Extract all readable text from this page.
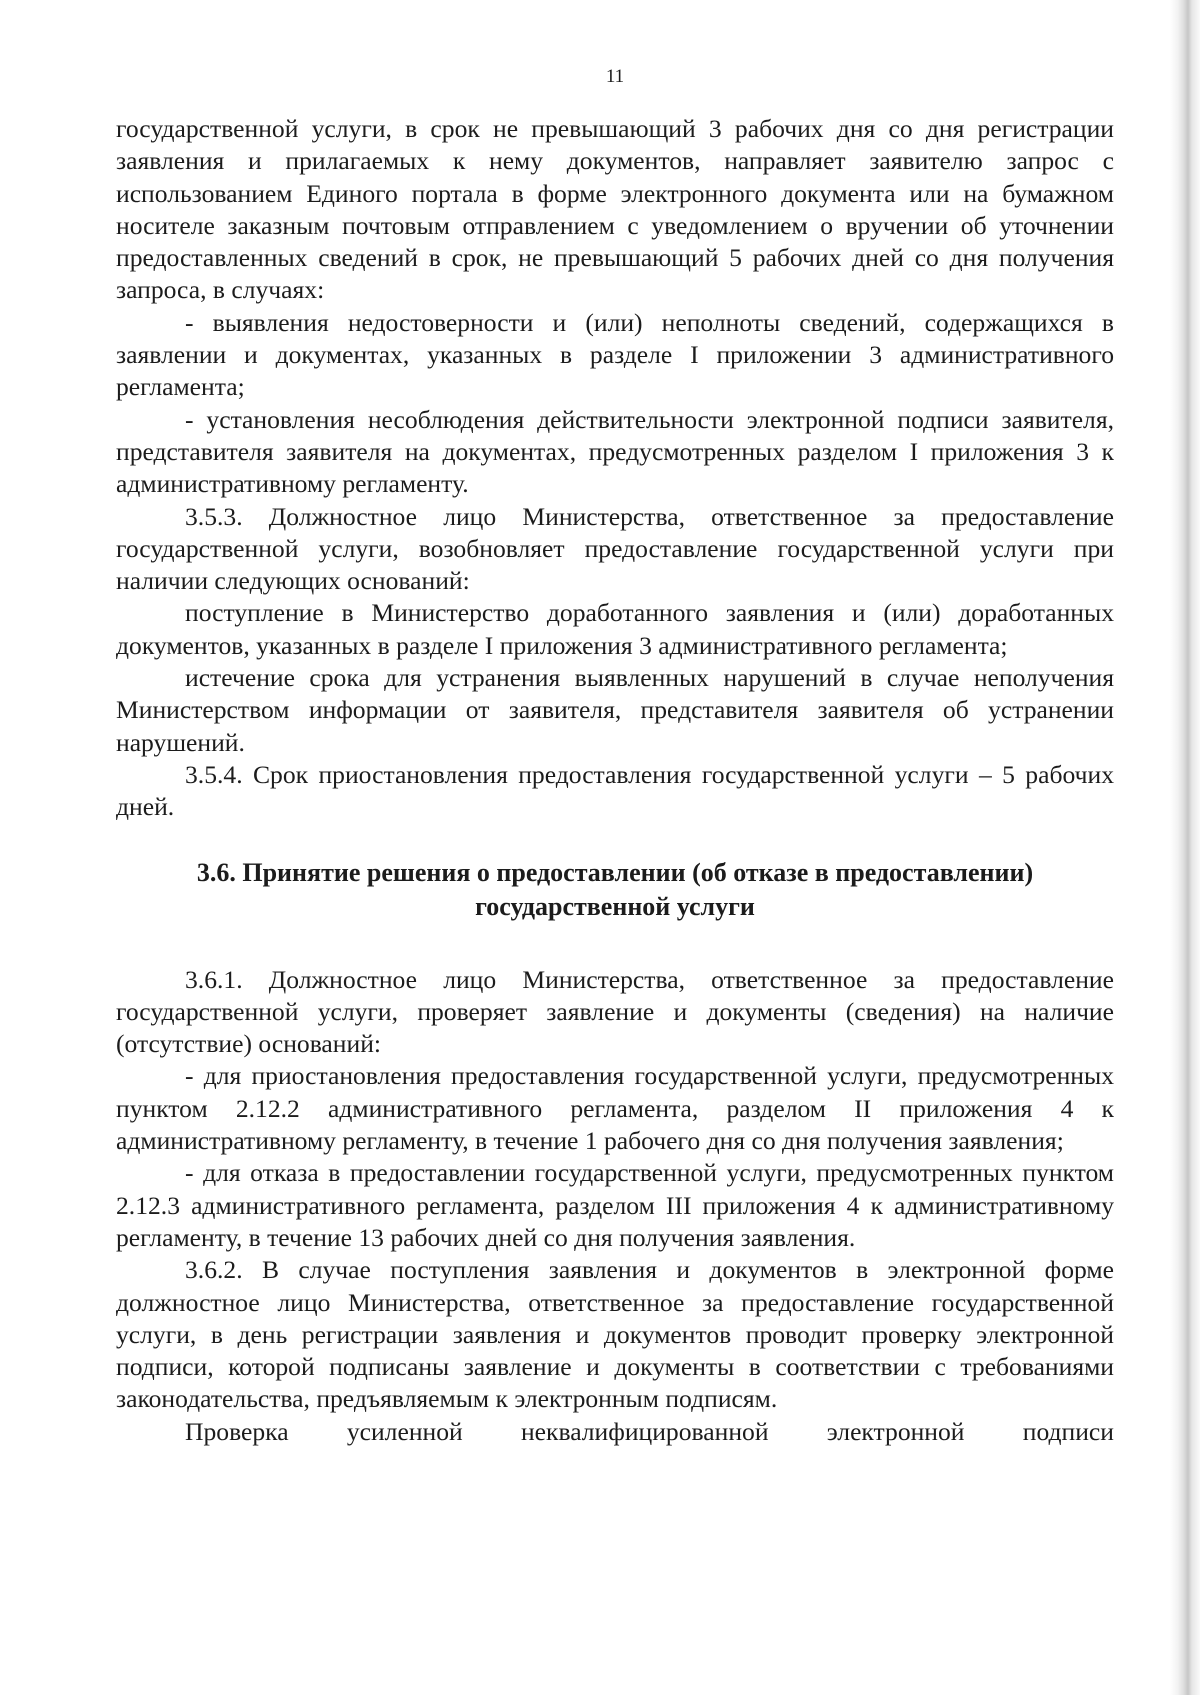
11

государственной услуги, в срок не превышающий 3 рабочих дня со дня регистрации заявления и прилагаемых к нему документов, направляет заявителю запрос с использованием Единого портала в форме электронного документа или на бумажном носителе заказным почтовым отправлением с уведомлением о вручении об уточнении предоставленных сведений в срок, не превышающий 5 рабочих дней со дня получения запроса, в случаях:

- выявления недостоверности и (или) неполноты сведений, содержащихся в заявлении и документах, указанных в разделе I приложении 3 административного регламента;

- установления несоблюдения действительности электронной подписи заявителя, представителя заявителя на документах, предусмотренных разделом I приложения 3 к административному регламенту.

3.5.3. Должностное лицо Министерства, ответственное за предоставление государственной услуги, возобновляет предоставление государственной услуги при наличии следующих оснований:

поступление в Министерство доработанного заявления и (или) доработанных документов, указанных в разделе I приложения 3 административного регламента;

истечение срока для устранения выявленных нарушений в случае неполучения Министерством информации от заявителя, представителя заявителя об устранении нарушений.

3.5.4. Срок приостановления предоставления государственной услуги – 5 рабочих дней.

3.6. Принятие решения о предоставлении (об отказе в предоставлении)
государственной услуги

3.6.1. Должностное лицо Министерства, ответственное за предоставление государственной услуги, проверяет заявление и документы (сведения) на наличие (отсутствие) оснований:

- для приостановления предоставления государственной услуги, предусмотренных пунктом 2.12.2 административного регламента, разделом II приложения 4 к административному регламенту, в течение 1 рабочего дня со дня получения заявления;

- для отказа в предоставлении государственной услуги, предусмотренных пунктом 2.12.3 административного регламента, разделом III приложения 4 к административному регламенту, в течение 13 рабочих дней со дня получения заявления.

3.6.2. В случае поступления заявления и документов в электронной форме должностное лицо Министерства, ответственное за предоставление государственной услуги, в день регистрации заявления и документов проводит проверку электронной подписи, которой подписаны заявление и документы в соответствии с требованиями законодательства, предъявляемым к электронным подписям.

Проверка усиленной неквалифицированной электронной подписи
